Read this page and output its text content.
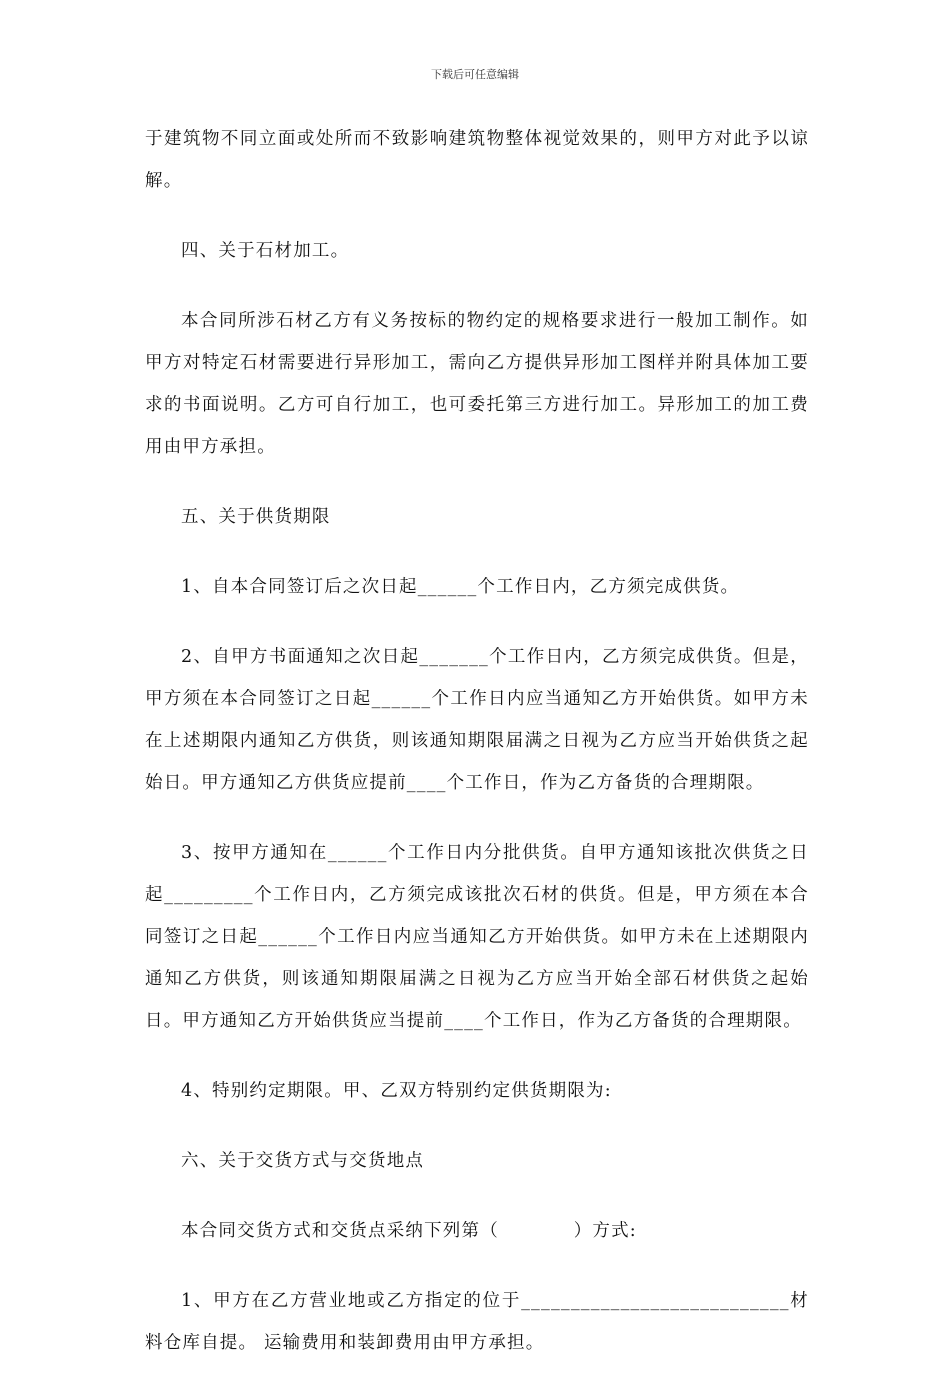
下载后可任意编辑

于建筑物不同立面或处所而不致影响建筑物整体视觉效果的，则甲方对此予以谅解。

四、关于石材加工。

本合同所涉石材乙方有义务按标的物约定的规格要求进行一般加工制作。如甲方对特定石材需要进行异形加工，需向乙方提供异形加工图样并附具体加工要求的书面说明。乙方可自行加工，也可委托第三方进行加工。异形加工的加工费用由甲方承担。

五、关于供货期限

1、自本合同签订后之次日起______个工作日内，乙方须完成供货。

2、自甲方书面通知之次日起_______个工作日内，乙方须完成供货。但是，甲方须在本合同签订之日起______个工作日内应当通知乙方开始供货。如甲方未在上述期限内通知乙方供货，则该通知期限届满之日视为乙方应当开始供货之起始日。甲方通知乙方供货应提前____个工作日，作为乙方备货的合理期限。

3、按甲方通知在______个工作日内分批供货。自甲方通知该批次供货之日起_________个工作日内，乙方须完成该批次石材的供货。但是，甲方须在本合同签订之日起______个工作日内应当通知乙方开始供货。如甲方未在上述期限内通知乙方供货，则该通知期限届满之日视为乙方应当开始全部石材供货之起始日。甲方通知乙方开始供货应当提前____个工作日，作为乙方备货的合理期限。

4、特别约定期限。甲、乙双方特别约定供货期限为:

六、关于交货方式与交货地点

本合同交货方式和交货点采纳下列第（　　　　）方式:

1、甲方在乙方营业地或乙方指定的位于___________________________材料仓库自提。 运输费用和装卸费用由甲方承担。
